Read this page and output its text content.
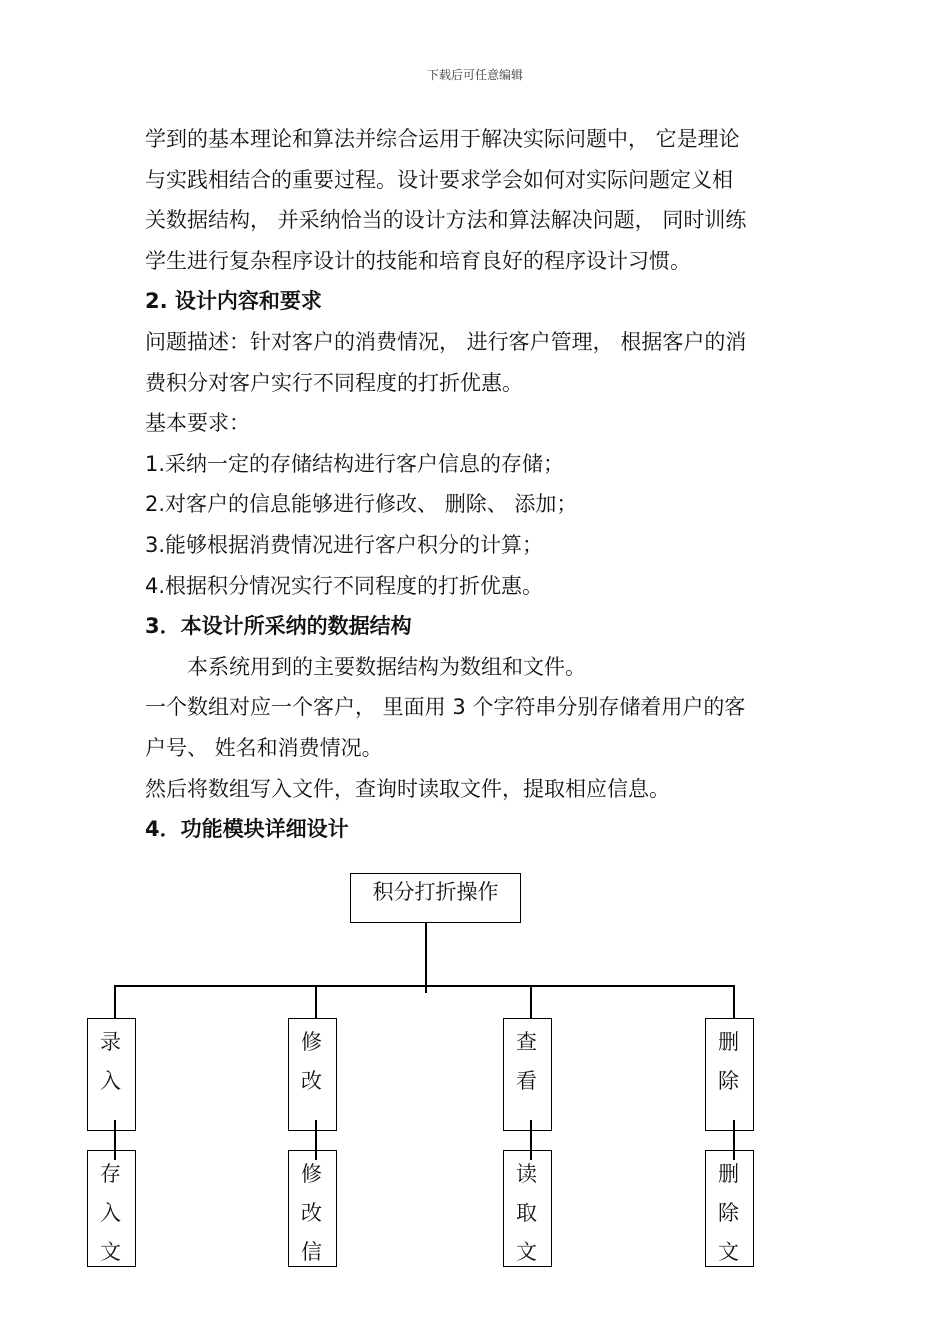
下载后可任意编辑
学到的基本理论和算法并综合运用于解决实际问题中， 它是理论
与实践相结合的重要过程。设计要求学会如何对实际问题定义相
关数据结构， 并采纳恰当的设计方法和算法解决问题， 同时训练
学生进行复杂程序设计的技能和培育良好的程序设计习惯。
2. 设计内容和要求
问题描述：针对客户的消费情况， 进行客户管理， 根据客户的消
费积分对客户实行不同程度的打折优惠。
基本要求：
1.采纳一定的存储结构进行客户信息的存储；
2.对客户的信息能够进行修改、 删除、 添加；
3.能够根据消费情况进行客户积分的计算；
4.根据积分情况实行不同程度的打折优惠。
3．本设计所采纳的数据结构
本系统用到的主要数据结构为数组和文件。
一个数组对应一个客户， 里面用 3 个字符串分别存储着用户的客
户号、 姓名和消费情况。
然后将数组写入文件，查询时读取文件，提取相应信息。
4．功能模块详细设计
积分打折操作
录
入
存
入
文
修
改
修
改
信
查
看
读
取
文
删
除
删
除
文
